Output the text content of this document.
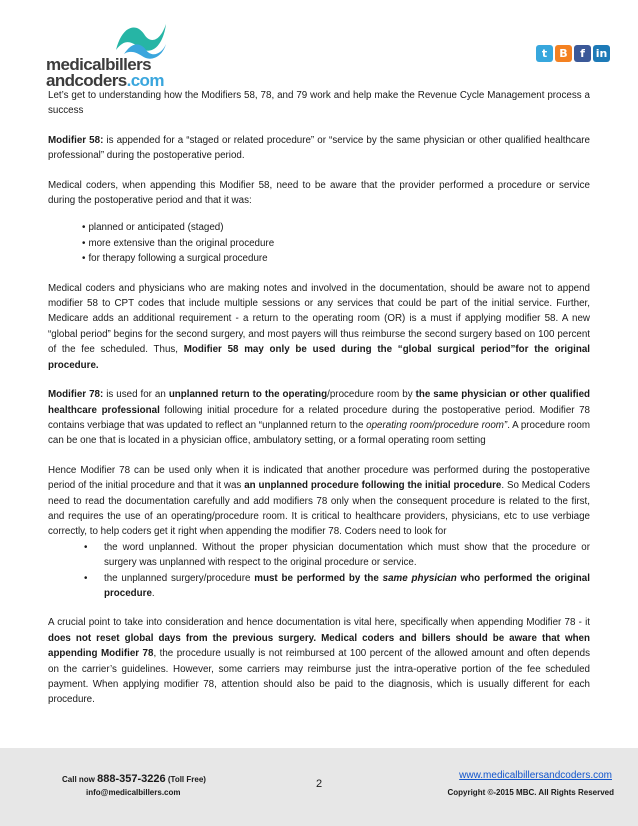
medicalbillers
andcoders.com
t	B	f in

Let’s get to understanding how the Modifiers 58, 78, and 79 work and help make the Revenue Cycle Management process a success

Modifier 58: is appended for a “staged or related procedure” or “service by the same physician or other qualified healthcare professional” during the postoperative period.

Medical coders, when appending this Modifier 58, need to be aware that the provider performed a procedure or service during the postoperative period and that it was:

• planned or anticipated (staged)
• more extensive than the original procedure
• for therapy following a surgical procedure

Medical coders and physicians who are making notes and involved in the documentation, should be aware not to append modifier 58 to CPT codes that include multiple sessions or any services that could be part of the initial service. Further, Medicare adds an additional requirement - a return to the operating room (OR) is a must if applying modifier 58. A new “global period” begins for the second surgery, and most payers will thus reimburse the second surgery based on 100 percent of the fee scheduled. Thus, Modifier 58 may only be used during the “global surgical period”for the original procedure.

Modifier 78: is used for an unplanned return to the operating/procedure room by the same physician or other qualified healthcare professional following initial procedure for a related procedure during the postoperative period. Modifier 78 contains verbiage that was updated to reflect an “unplanned return to the operating room/procedure room”. A procedure room can be one that is located in a physician office, ambulatory setting, or a formal operating room setting

Hence Modifier 78 can be used only when it is indicated that another procedure was performed during the postoperative period of the initial procedure and that it was an unplanned procedure following the initial procedure. So Medical Coders need to read the documentation carefully and add modifiers 78 only when the consequent procedure is related to the first, and requires the use of an operating/procedure room. It is critical to healthcare providers, physicians, etc to use verbiage correctly, to help coders get it right when appending the modifier 78. Coders need to look for

• the word unplanned. Without the proper physician documentation which must show that the procedure or surgery was unplanned with respect to the original procedure or service.
• the unplanned surgery/procedure must be performed by the same physician who performed the original procedure.

A crucial point to take into consideration and hence documentation is vital here, specifically when appending Modifier 78 - it does not reset global days from the previous surgery. Medical coders and billers should be aware that when appending Modifier 78, the procedure usually is not reimbursed at 100 percent of the allowed amount and often depends on the carrier’s guidelines. However, some carriers may reimburse just the intra-operative portion of the fee scheduled payment. When applying modifier 78, attention should also be paid to the diagnosis, which is usually different for each procedure.

Call now 888-357-3226 (Toll Free)
info@medicalbillers.com
2
www.medicalbillersandcoders.com
Copyright ©-2015 MBC. All Rights Reserved
